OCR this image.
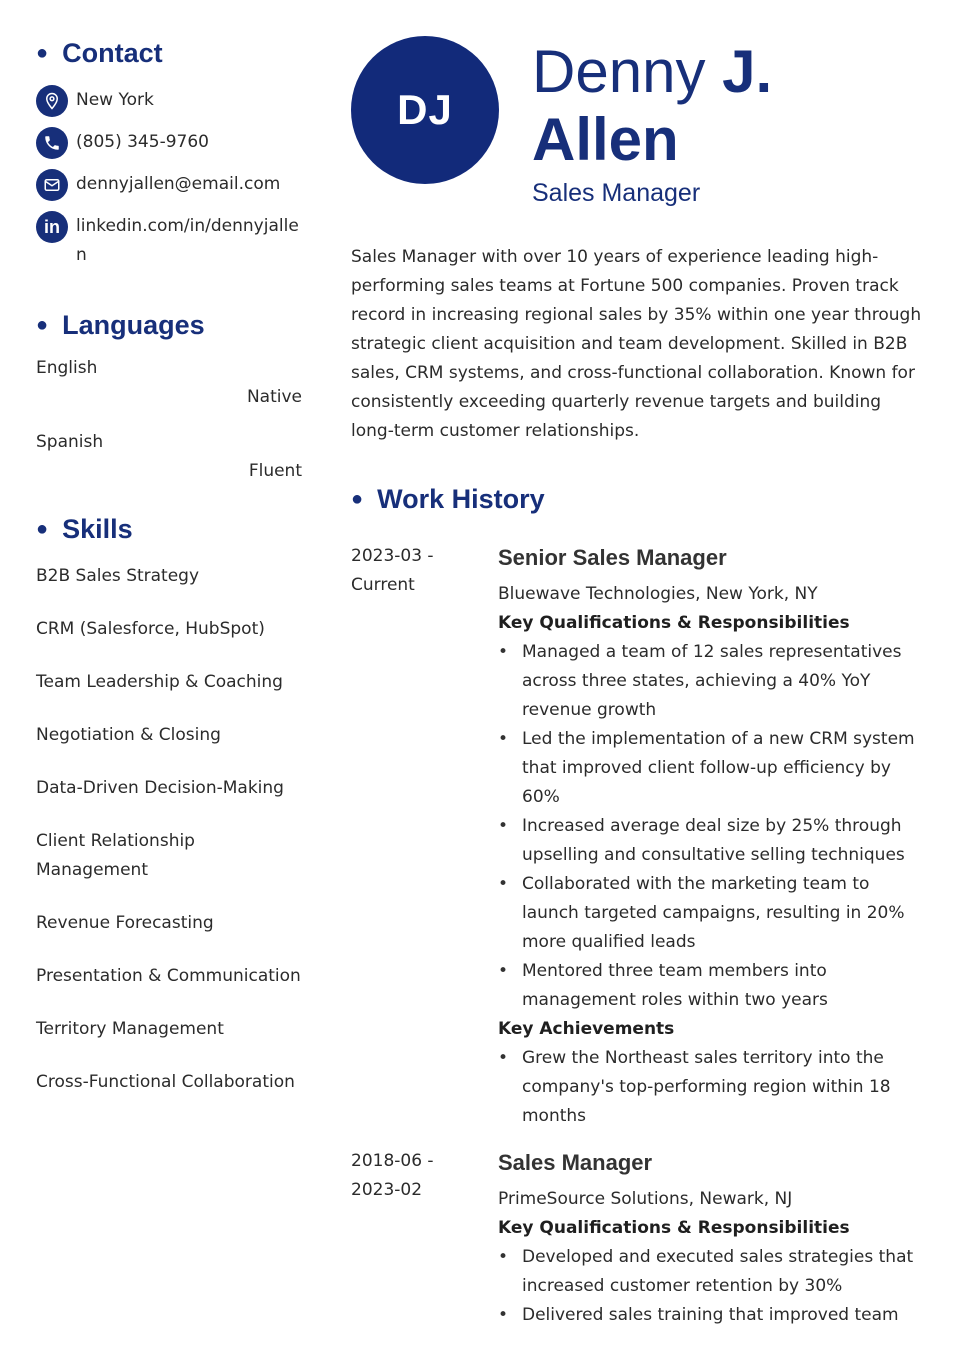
● Contact
New York
(805) 345-9760
dennyjallen@email.com
in linkedin.com/in/dennyjallen
● Languages
English
Native
Spanish
Fluent
● Skills
B2B Sales Strategy
CRM (Salesforce, HubSpot)
Team Leadership & Coaching
Negotiation & Closing
Data-Driven Decision-Making
Client Relationship Management
Revenue Forecasting
Presentation & Communication
Territory Management
Cross-Functional Collaboration
DJ
Denny J.
Allen
Sales Manager

Sales Manager with over 10 years of experience leading high-performing sales teams at Fortune 500 companies. Proven track record in increasing regional sales by 35% within one year through strategic client acquisition and team development. Skilled in B2B sales, CRM systems, and cross-functional collaboration. Known for consistently exceeding quarterly revenue targets and building long-term customer relationships.

● Work History
2023-03 -
Current
Senior Sales Manager
Bluewave Technologies, New York, NY
Key Qualifications & Responsibilities
• Managed a team of 12 sales representatives across three states, achieving a 40% YoY revenue growth
• Led the implementation of a new CRM system that improved client follow-up efficiency by 60%
• Increased average deal size by 25% through upselling and consultative selling techniques
• Collaborated with the marketing team to launch targeted campaigns, resulting in 20% more qualified leads
• Mentored three team members into management roles within two years
Key Achievements
• Grew the Northeast sales territory into the company's top-performing region within 18 months
2018-06 -
2023-02
Sales Manager
PrimeSource Solutions, Newark, NJ
Key Qualifications & Responsibilities
• Developed and executed sales strategies that increased customer retention by 30%
• Delivered sales training that improved team
